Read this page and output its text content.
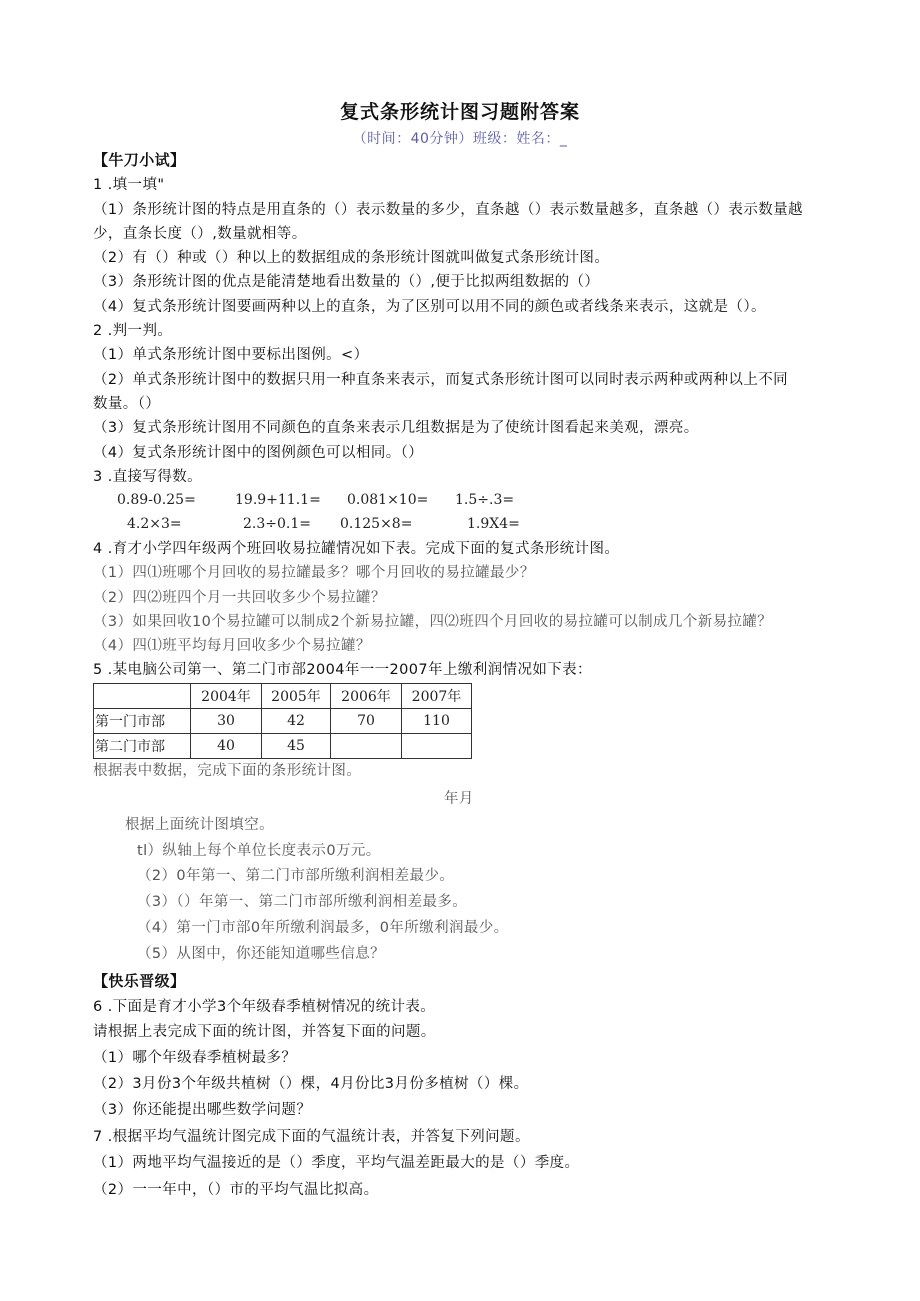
复式条形统计图习题附答案
（时间：40分钟）班级：姓名：_
【牛刀小试】
1 .填一填"
（1）条形统计图的特点是用直条的（）表示数量的多少，直条越（）表示数量越多，直条越（）表示数量越
少，直条长度（）,数量就相等。
（2）有（）种或（）种以上的数据组成的条形统计图就叫做复式条形统计图。
（3）条形统计图的优点是能清楚地看出数量的（）,便于比拟两组数据的（）
（4）复式条形统计图要画两种以上的直条，为了区别可以用不同的颜色或者线条来表示，这就是（）。
2 .判一判。
（1）单式条形统计图中要标出图例。<）
（2）单式条形统计图中的数据只用一种直条来表示，而复式条形统计图可以同时表示两种或两种以上不同
数量。（）
（3）复式条形统计图用不同颜色的直条来表示几组数据是为了使统计图看起来美观，漂亮。
（4）复式条形统计图中的图例颜色可以相同。（）
3 .直接写得数。
0.89-0.25=	19.9+11.1= 0.081×10= 1.5÷.3=
4.2×3=	2.3÷0.1= 0.125×8=	1.9X4=
4 .育才小学四年级两个班回收易拉罐情况如下表。完成下面的复式条形统计图。
（1）四⑴班哪个月回收的易拉罐最多？哪个月回收的易拉罐最少？
（2）四⑵班四个月一共回收多少个易拉罐？
（3）如果回收10个易拉罐可以制成2个新易拉罐，四⑵班四个月回收的易拉罐可以制成几个新易拉罐？
（4）四⑴班平均每月回收多少个易拉罐？
5 .某电脑公司第一、第二门市部2004年一一2007年上缴利润情况如下表：
	2004年	2005年	2006年	2007年
第一门市部	30	42	70	110
第二门市部	40	45		
根据表中数据，完成下面的条形统计图。
年月
根据上面统计图填空。
tl）纵轴上每个单位长度表示0万元。
（2）0年第一、第二门市部所缴利润相差最少。
（3）（）年第一、第二门市部所缴利润相差最多。
（4）第一门市部0年所缴利润最多，0年所缴利润最少。
（5）从图中，你还能知道哪些信息？
【快乐晋级】
6 .下面是育才小学3个年级春季植树情况的统计表。
请根据上表完成下面的统计图，并答复下面的问题。
（1）哪个年级春季植树最多？
（2）3月份3个年级共植树（）棵，4月份比3月份多植树（）棵。
（3）你还能提出哪些数学问题？
7 .根据平均气温统计图完成下面的气温统计表，并答复下列问题。
（1）两地平均气温接近的是（）季度，平均气温差距最大的是（）季度。
（2）一一年中，（）市的平均气温比拟高。
